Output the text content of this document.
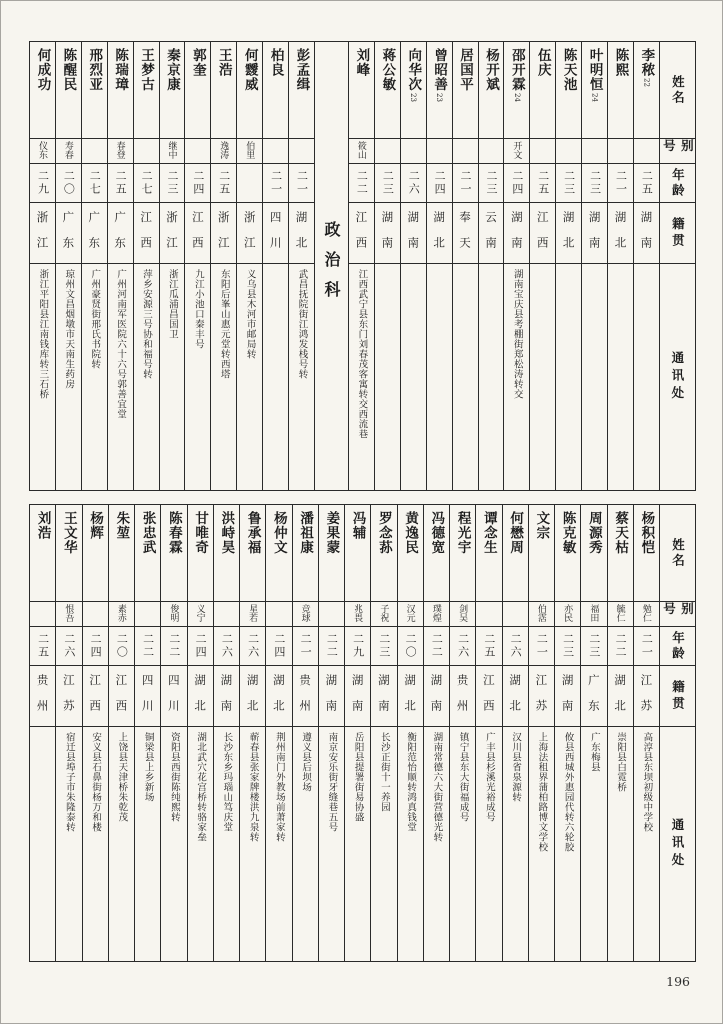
何成功
仪东
二九
浙江
浙江平阳县江南钱库转三石桥
陈醒民
寿春
二〇
广东
琼州文昌烟墩市天南生药房
邢烈亚
二七
广东
广州豪贤街邢氏书院转
陈瑞璋
春登
二五
广东
广州河南军医院六十六号郭善宜堂
王梦古
二七
江西
萍乡安源三号协和福号转
秦京康
继中
二三
浙江
浙江瓜浦昌国卫
郭奎
二四
江西
九江小池口秦丰号
王浩
逸涛
二五
浙江
东阳后峯山惠元堂转西塔
何靉威
伯里
浙江
义乌县木河市邮局转
柏良
二一
四川
彭孟缉
二一
湖北
武昌抚院街江鸿发栈号转
政治科
刘峰
筱山
二二
江西
江西武宁县东门刘春茂客寓转交西流巷
蒋公敏
二三
湖南
向华次
23
二六
湖南
曾昭善
23
二四
湖北
居国平
二一
奉天
杨开斌
二三
云南
邵开霖
24
开文
二四
湖南
湖南宝庆县考棚街郑松涛转交
伍庆
二五
江西
陈天池
二三
湖北
叶明恒
24
二三
湖南
陈熙
二一
湖北
李秾
22
二五
湖南
姓名
别号
年龄
籍贯
通讯处
刘浩
二五
贵州
王文华
恨吾
二六
江苏
宿迁县埠子市朱隆泰转
杨辉
二四
江西
安义县石鼻街杨万和楼
朱堃
素赤
二〇
江西
上饶县天津桥朱乾茂
张忠武
二二
四川
铜梁县上乡新场
陈春霖
俊明
二二
四川
资阳县西街陈纯熙转
甘唯奇
义宁
二四
湖北
湖北武穴花宫桥转骆家垒
洪峙昊
二六
湖南
长沙东乡玛瑙山笃庆堂
鲁承福
星若
二六
湖北
蕲春县张家牌楼洪九泉转
杨仲文
二四
湖北
荆州南门外教场前萧家转
潘祖康
竞球
二一
贵州
遵义县后坝场
姜果蒙
二二
湖南
南京安乐街牙缝巷五号
冯辅
兆畏
二九
湖南
岳阳县提署街易协盛
罗念荪
子祝
二三
湖南
长沙正街十一养园
黄逸民
汉元
二〇
湖北
衡阳范怡顺转鸿真钱堂
冯德宽
璞煌
二二
湖南
湖南常德六大街营德光转
程光宇
剑吴
二六
贵州
镇宁县东大街福成号
谭念生
二五
江西
广丰县杉溪光裕成号
何懋周
二六
湖北
汉川县省泉源转
文宗
伯霑
二一
江苏
上海法租界蒲柏路博文学校
陈克敏
亦民
二三
湖南
攸县西城外惠园代转六轮胶
周源秀
福田
二三
广东
广东梅县
蔡天枯
毓仁
二二
湖北
崇阳县白霓桥
杨积恺
勉仁
二一
江苏
高淳县东坝初级中学校
姓名
别号
年龄
籍贯
通讯处
196
